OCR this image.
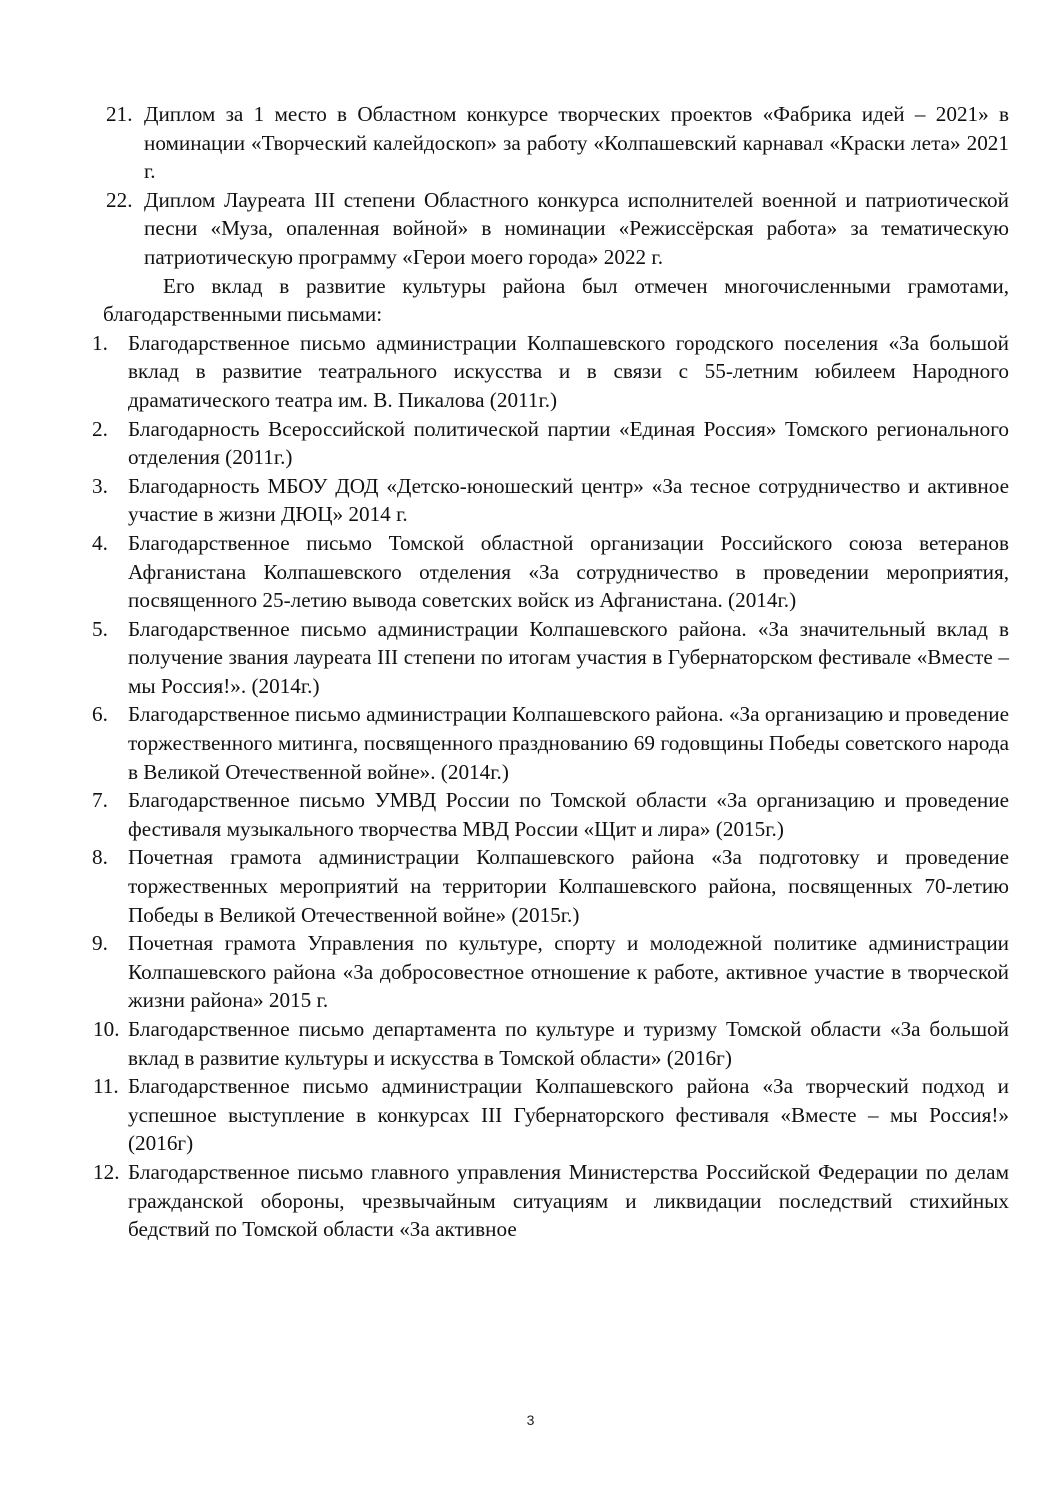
21. Диплом за 1 место в Областном конкурсе творческих проектов «Фабрика идей – 2021» в номинации «Творческий калейдоскоп» за работу «Колпашевский карнавал «Краски лета» 2021 г.
22. Диплом Лауреата III степени Областного конкурса исполнителей военной и патриотической песни «Муза, опаленная войной» в номинации «Режиссёрская работа» за тематическую патриотическую программу «Герои моего города» 2022 г.

Его вклад в развитие культуры района был отмечен многочисленными грамотами, благодарственными письмами:

1. Благодарственное письмо администрации Колпашевского городского поселения «За большой вклад в развитие театрального искусства и в связи с 55-летним юбилеем Народного драматического театра им. В. Пикалова (2011г.)
2. Благодарность Всероссийской политической партии «Единая Россия» Томского регионального отделения (2011г.)
3. Благодарность МБОУ ДОД «Детско-юношеский центр» «За тесное сотрудничество и активное участие в жизни ДЮЦ» 2014 г.
4. Благодарственное письмо Томской областной организации Российского союза ветеранов Афганистана Колпашевского отделения «За сотрудничество в проведении мероприятия, посвященного 25-летию вывода советских войск из Афганистана. (2014г.)
5. Благодарственное письмо администрации Колпашевского района. «За значительный вклад в получение звания лауреата III степени по итогам участия в Губернаторском фестивале «Вместе – мы Россия!». (2014г.)
6. Благодарственное письмо администрации Колпашевского района. «За организацию и проведение торжественного митинга, посвященного празднованию 69 годовщины Победы советского народа в Великой Отечественной войне». (2014г.)
7. Благодарственное письмо УМВД России по Томской области «За организацию и проведение фестиваля музыкального творчества МВД России «Щит и лира» (2015г.)
8. Почетная грамота администрации Колпашевского района «За подготовку и проведение торжественных мероприятий на территории Колпашевского района, посвященных 70-летию Победы в Великой Отечественной войне» (2015г.)
9. Почетная грамота Управления по культуре, спорту и молодежной политике администрации Колпашевского района «За добросовестное отношение к работе, активное участие в творческой жизни района» 2015 г.
10. Благодарственное письмо департамента по культуре и туризму Томской области «За большой вклад в развитие культуры и искусства в Томской области» (2016г)
11. Благодарственное письмо администрации Колпашевского района «За творческий подход и успешное выступление в конкурсах III Губернаторского фестиваля «Вместе – мы Россия!» (2016г)
12. Благодарственное письмо главного управления Министерства Российской Федерации по делам гражданской обороны, чрезвычайным ситуациям и ликвидации последствий стихийных бедствий по Томской области «За активное
3
